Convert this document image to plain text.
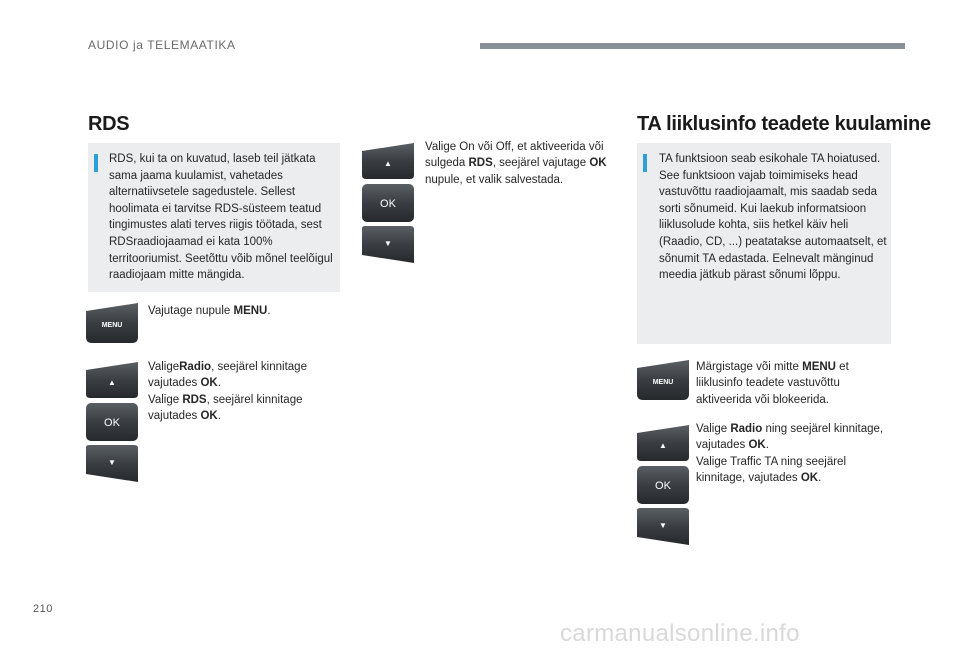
AUDIO ja TELEMAATIKA
RDS

RDS, kui ta on kuvatud, laseb teil jätkata sama jaama kuulamist, vahetades alternatiivsetele sagedustele. Sellest hoolimata ei tarvitse RDS-süsteem teatud tingimustes alati terves riigis töötada, sest RDSraadiojaamad ei kata 100% territooriumist. Seetõttu võib mõnel teelõigul raadiojaam mitte mängida.

MENU

Vajutage nupule MENU.

▲
OK
▼

ValigeRadio, seejärel kinnitage vajutades OK.
Valige RDS, seejärel kinnitage vajutades OK.

▲
OK
▼

Valige On või Off, et aktiveerida või sulgeda RDS, seejärel vajutage OK nupule, et valik salvestada.

TA liiklusinfo teadete kuulamine

TA funktsioon seab esikohale TA hoiatused. See funktsioon vajab toimimiseks head vastuvõttu raadiojaamalt, mis saadab seda sorti sõnumeid. Kui laekub informatsioon liiklusolude kohta, siis hetkel käiv heli (Raadio, CD, ...) peatatakse automaatselt, et sõnumit TA edastada. Eelnevalt mänginud meedia jätkub pärast sõnumi lõppu.

MENU

Märgistage või mitte MENU et liiklusinfo teadete vastuvõttu aktiveerida või blokeerida.

▲
OK
▼

Valige Radio ning seejärel kinnitage, vajutades OK.
Valige Traffic TA ning seejärel kinnitage, vajutades OK.

210
carmanualsonline.info
